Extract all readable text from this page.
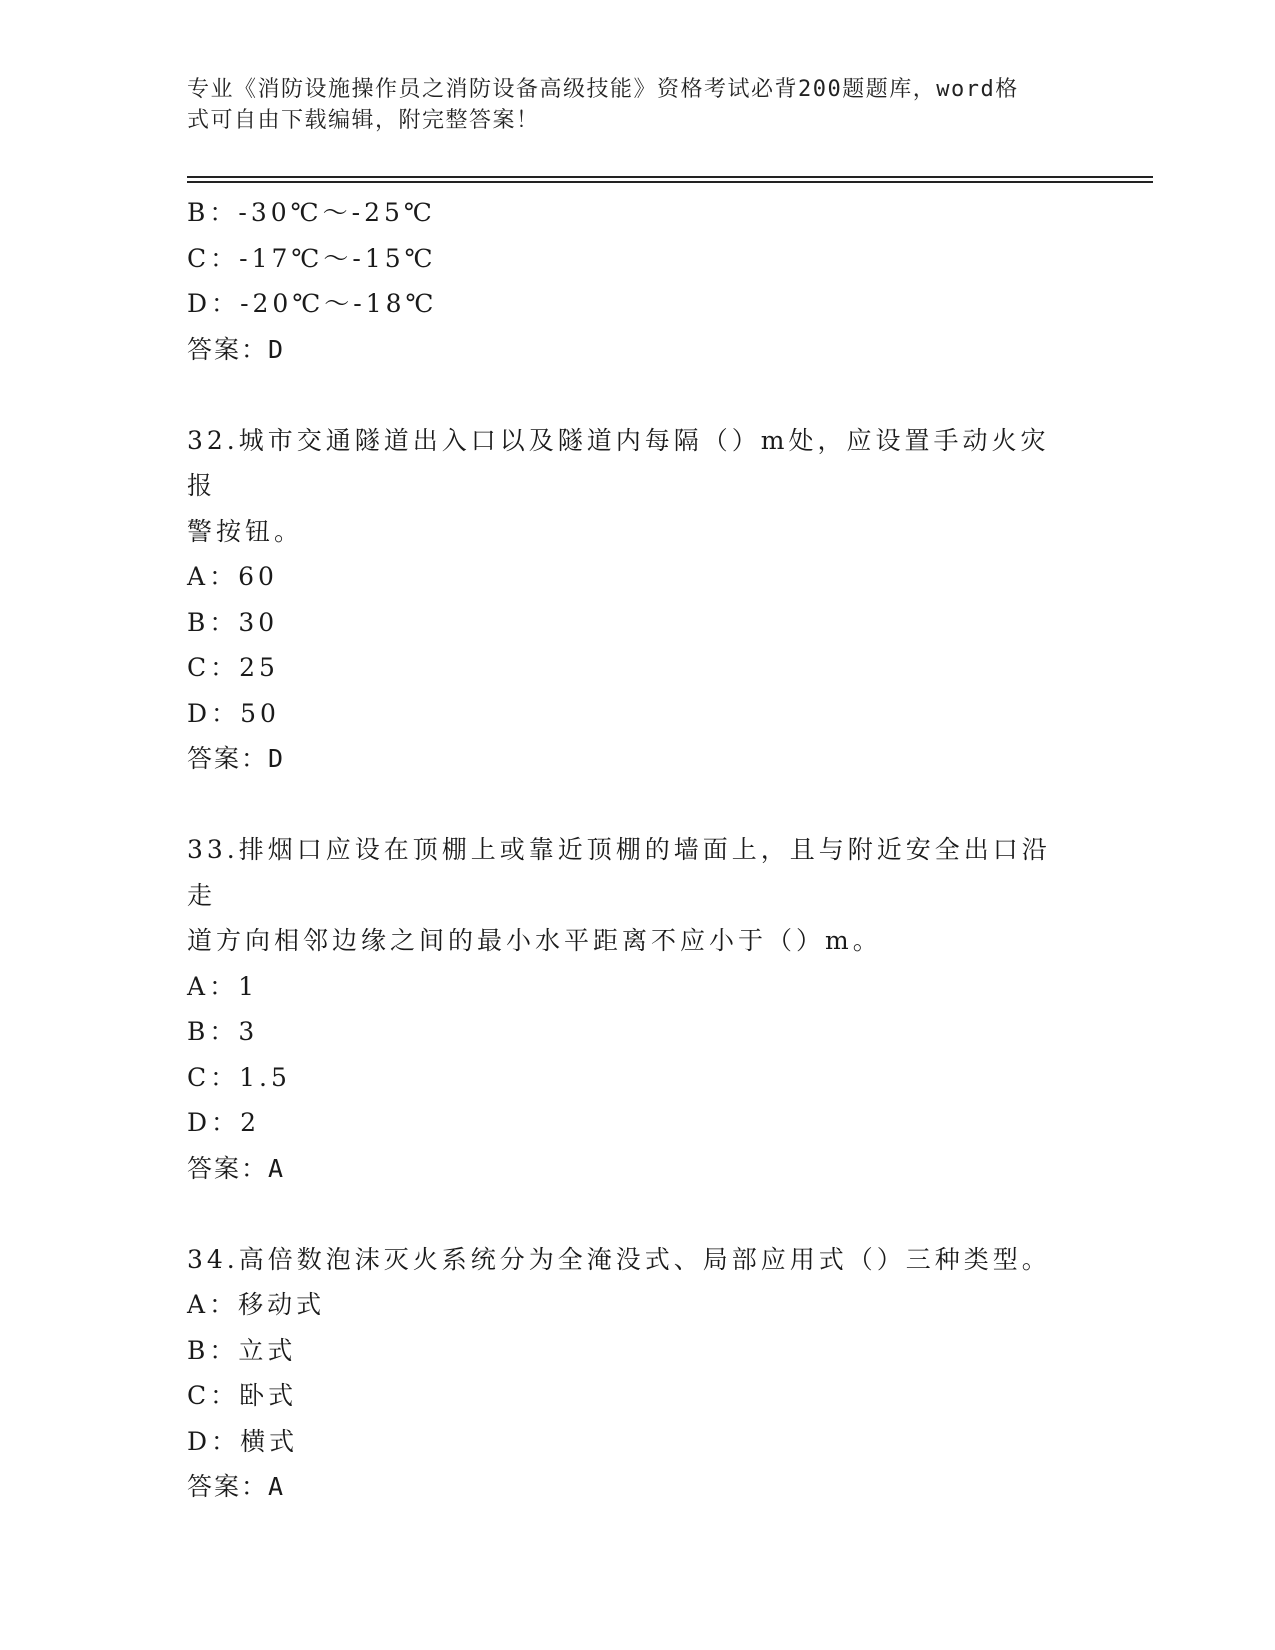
专业《消防设施操作员之消防设备高级技能》资格考试必背200题题库，word格
式可自由下载编辑，附完整答案！
B：-30℃～-25℃
C：-17℃～-15℃
D：-20℃～-18℃
答案：D
32.城市交通隧道出入口以及隧道内每隔（）m处，应设置手动火灾报
警按钮。
A：60
B：30
C：25
D：50
答案：D
33.排烟口应设在顶棚上或靠近顶棚的墙面上，且与附近安全出口沿走
道方向相邻边缘之间的最小水平距离不应小于（）m。
A：1
B：3
C：1.5
D：2
答案：A
34.高倍数泡沫灭火系统分为全淹没式、局部应用式（）三种类型。
A：移动式
B：立式
C：卧式
D：横式
答案：A
